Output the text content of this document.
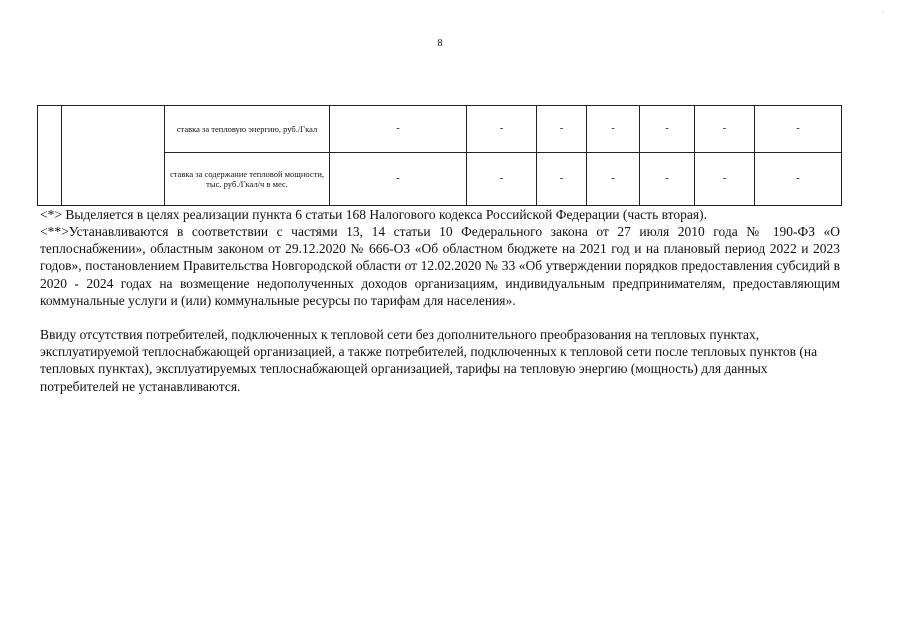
8
·
		ставка за тепловую энергию, руб./Гкал	-	-	-	-	-	-	-
		ставка за содержание тепловой мощности, тыс. руб./Гкал/ч в мес.	-	-	-	-	-	-	-

<*> Выделяется в целях реализации пункта 6 статьи 168 Налогового кодекса Российской Федерации (часть вторая).

<**>Устанавливаются в соответствии с частями 13, 14 статьи 10 Федерального закона от 27 июля 2010 года № 190-ФЗ «О теплоснабжении», областным законом от 29.12.2020 № 666-ОЗ «Об областном бюджете на 2021 год и на плановый период 2022 и 2023 годов», постановлением Правительства Новгородской области от 12.02.2020 № 33 «Об утверждении порядков предоставления субсидий в 2020 - 2024 годах на возмещение недополученных доходов организациям, индивидуальным предпринимателям, предоставляющим коммунальные услуги и (или) коммунальные ресурсы по тарифам для населения».

Ввиду отсутствия потребителей, подключенных к тепловой сети без дополнительного преобразования на тепловых пунктах, эксплуатируемой теплоснабжающей организацией, а также потребителей, подключенных к тепловой сети после тепловых пунктов (на тепловых пунктах), эксплуатируемых теплоснабжающей организацией, тарифы на тепловую энергию (мощность) для данных потребителей не устанавливаются.
